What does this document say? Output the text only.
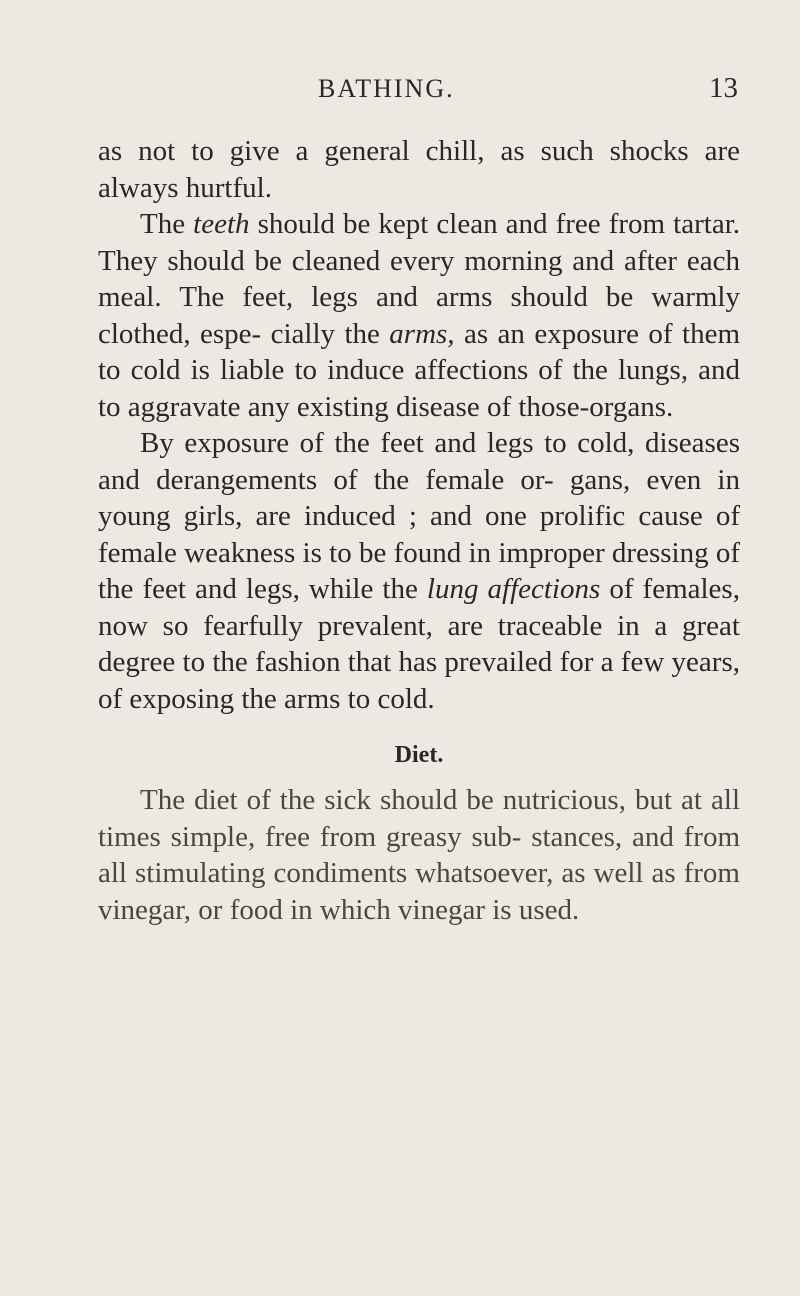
BATHING.	13

as not to give a general chill, as such shocks are always hurtful.

The teeth should be kept clean and free from tartar. They should be cleaned every morning and after each meal. The feet, legs and arms should be warmly clothed, espe- cially the arms, as an exposure of them to cold is liable to induce affections of the lungs, and to aggravate any existing disease of those-organs.

By exposure of the feet and legs to cold, diseases and derangements of the female or- gans, even in young girls, are induced ; and one prolific cause of female weakness is to be found in improper dressing of the feet and legs, while the lung affections of females, now so fearfully prevalent, are traceable in a great degree to the fashion that has prevailed for a few years, of exposing the arms to cold.

Diet.

The diet of the sick should be nutricious, but at all times simple, free from greasy sub- stances, and from all stimulating condiments whatsoever, as well as from vinegar, or food in which vinegar is used.
